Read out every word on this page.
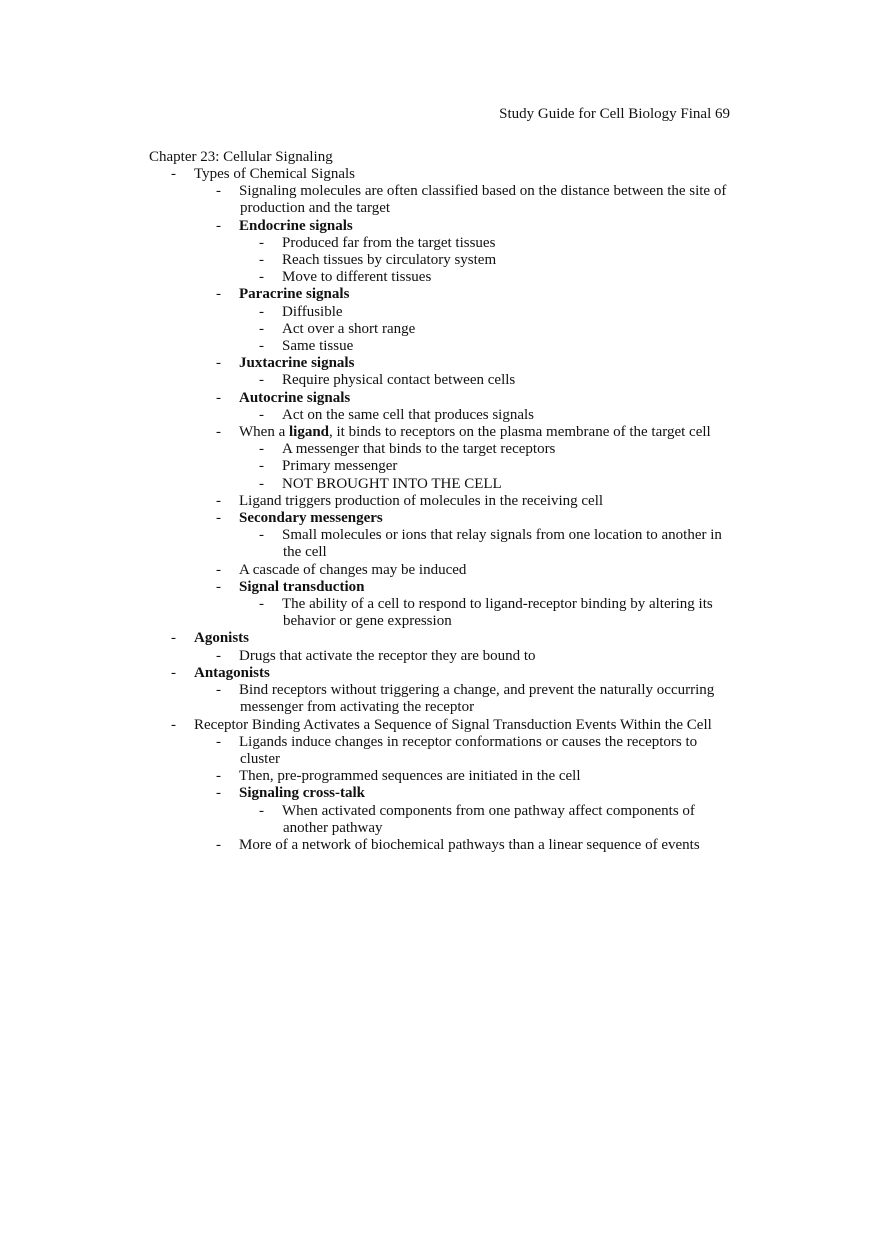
Study Guide for Cell Biology Final 69
Chapter 23: Cellular Signaling
- Types of Chemical Signals
- Signaling molecules are often classified based on the distance between the site of
production and the target
- Endocrine signals
- Produced far from the target tissues
- Reach tissues by circulatory system
- Move to different tissues
- Paracrine signals
- Diffusible
- Act over a short range
- Same tissue
- Juxtacrine signals
- Require physical contact between cells
- Autocrine signals
- Act on the same cell that produces signals
- When a ligand, it binds to receptors on the plasma membrane of the target cell
- A messenger that binds to the target receptors
- Primary messenger
- NOT BROUGHT INTO THE CELL
- Ligand triggers production of molecules in the receiving cell
- Secondary messengers
- Small molecules or ions that relay signals from one location to another in
the cell
- A cascade of changes may be induced
- Signal transduction
- The ability of a cell to respond to ligand-receptor binding by altering its
behavior or gene expression
- Agonists
- Drugs that activate the receptor they are bound to
- Antagonists
- Bind receptors without triggering a change, and prevent the naturally occurring
messenger from activating the receptor
- Receptor Binding Activates a Sequence of Signal Transduction Events Within the Cell
- Ligands induce changes in receptor conformations or causes the receptors to
cluster
- Then, pre-programmed sequences are initiated in the cell
- Signaling cross-talk
- When activated components from one pathway affect components of
another pathway
- More of a network of biochemical pathways than a linear sequence of events
